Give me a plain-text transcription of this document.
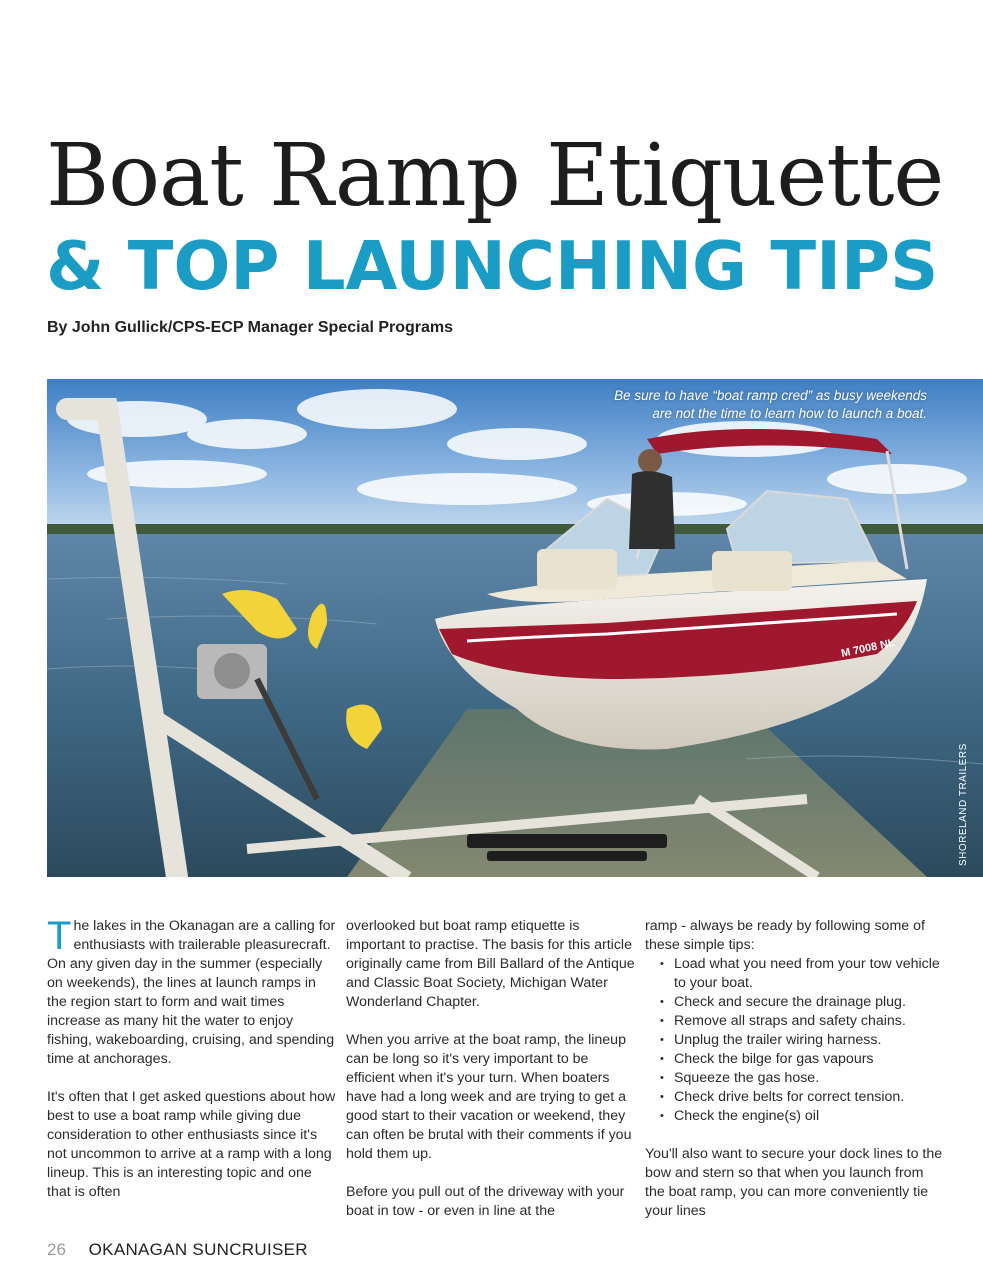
Boat Ramp Etiquette
& TOP LAUNCHING TIPS
By John Gullick/CPS-ECP Manager Special Programs
M 7008 NL
Be sure to have “boat ramp cred” as busy weekends
are not the time to learn how to launch a boat.
SHORELAND TRAILERS

The lakes in the Okanagan are a calling for enthusiasts with trailerable pleasurecraft. On any given day in the summer (especially on weekends), the lines at launch ramps in the region start to form and wait times increase as many hit the water to enjoy fishing, wakeboarding, cruising, and spending time at anchorages.

It's often that I get asked questions about how best to use a boat ramp while giving due consideration to other enthusiasts since it's not uncommon to arrive at a ramp with a long lineup. This is an interesting topic and one that is often

overlooked but boat ramp etiquette is important to practise. The basis for this article originally came from Bill Ballard of the Antique and Classic Boat Society, Michigan Water Wonderland Chapter.

When you arrive at the boat ramp, the lineup can be long so it's very important to be efficient when it's your turn. When boaters have had a long week and are trying to get a good start to their vacation or weekend, they can often be brutal with their comments if you hold them up.

Before you pull out of the driveway with your boat in tow - or even in line at the

ramp - always be ready by following some of these simple tips:

• Load what you need from your tow vehicle to your boat.
• Check and secure the drainage plug.
• Remove all straps and safety chains.
• Unplug the trailer wiring harness.
• Check the bilge for gas vapours
• Squeeze the gas hose.
• Check drive belts for correct tension.
• Check the engine(s) oil

You'll also want to secure your dock lines to the bow and stern so that when you launch from the boat ramp, you can more conveniently tie your lines

26 OKANAGAN SUNCRUISER
